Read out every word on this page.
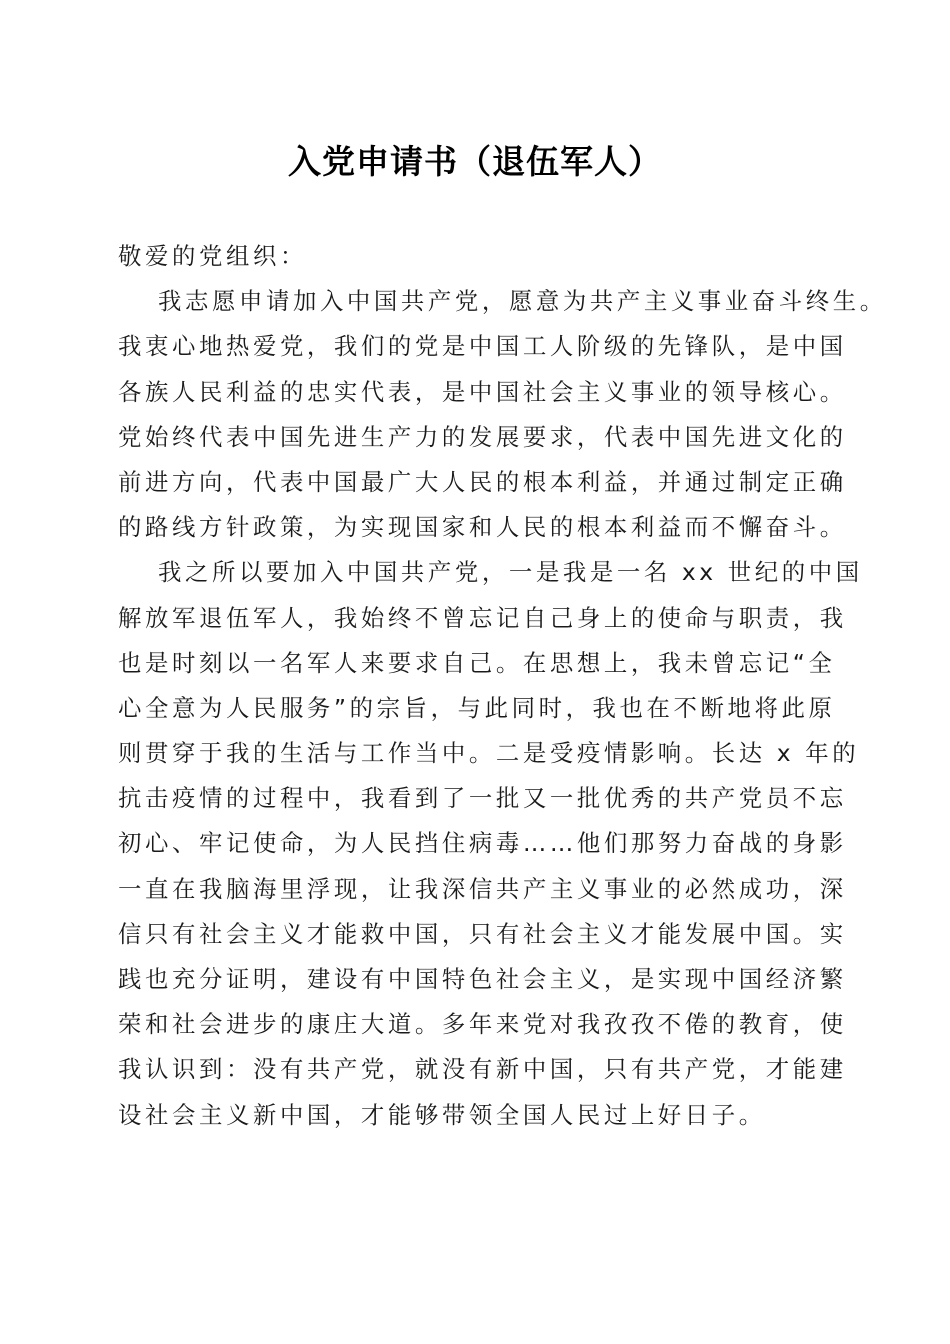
入党申请书（退伍军人）
敬爱的党组织：
我志愿申请加入中国共产党，愿意为共产主义事业奋斗终生。
我衷心地热爱党，我们的党是中国工人阶级的先锋队，是中国
各族人民利益的忠实代表，是中国社会主义事业的领导核心。
党始终代表中国先进生产力的发展要求，代表中国先进文化的
前进方向，代表中国最广大人民的根本利益，并通过制定正确
的路线方针政策，为实现国家和人民的根本利益而不懈奋斗。
我之所以要加入中国共产党，一是我是一名 xx 世纪的中国
解放军退伍军人，我始终不曾忘记自己身上的使命与职责，我
也是时刻以一名军人来要求自己。在思想上，我未曾忘记“全
心全意为人民服务”的宗旨，与此同时，我也在不断地将此原
则贯穿于我的生活与工作当中。二是受疫情影响。长达 x 年的
抗击疫情的过程中，我看到了一批又一批优秀的共产党员不忘
初心、牢记使命，为人民挡住病毒……他们那努力奋战的身影
一直在我脑海里浮现，让我深信共产主义事业的必然成功，深
信只有社会主义才能救中国，只有社会主义才能发展中国。实
践也充分证明，建设有中国特色社会主义，是实现中国经济繁
荣和社会进步的康庄大道。多年来党对我孜孜不倦的教育，使
我认识到：没有共产党，就没有新中国，只有共产党，才能建
设社会主义新中国，才能够带领全国人民过上好日子。
